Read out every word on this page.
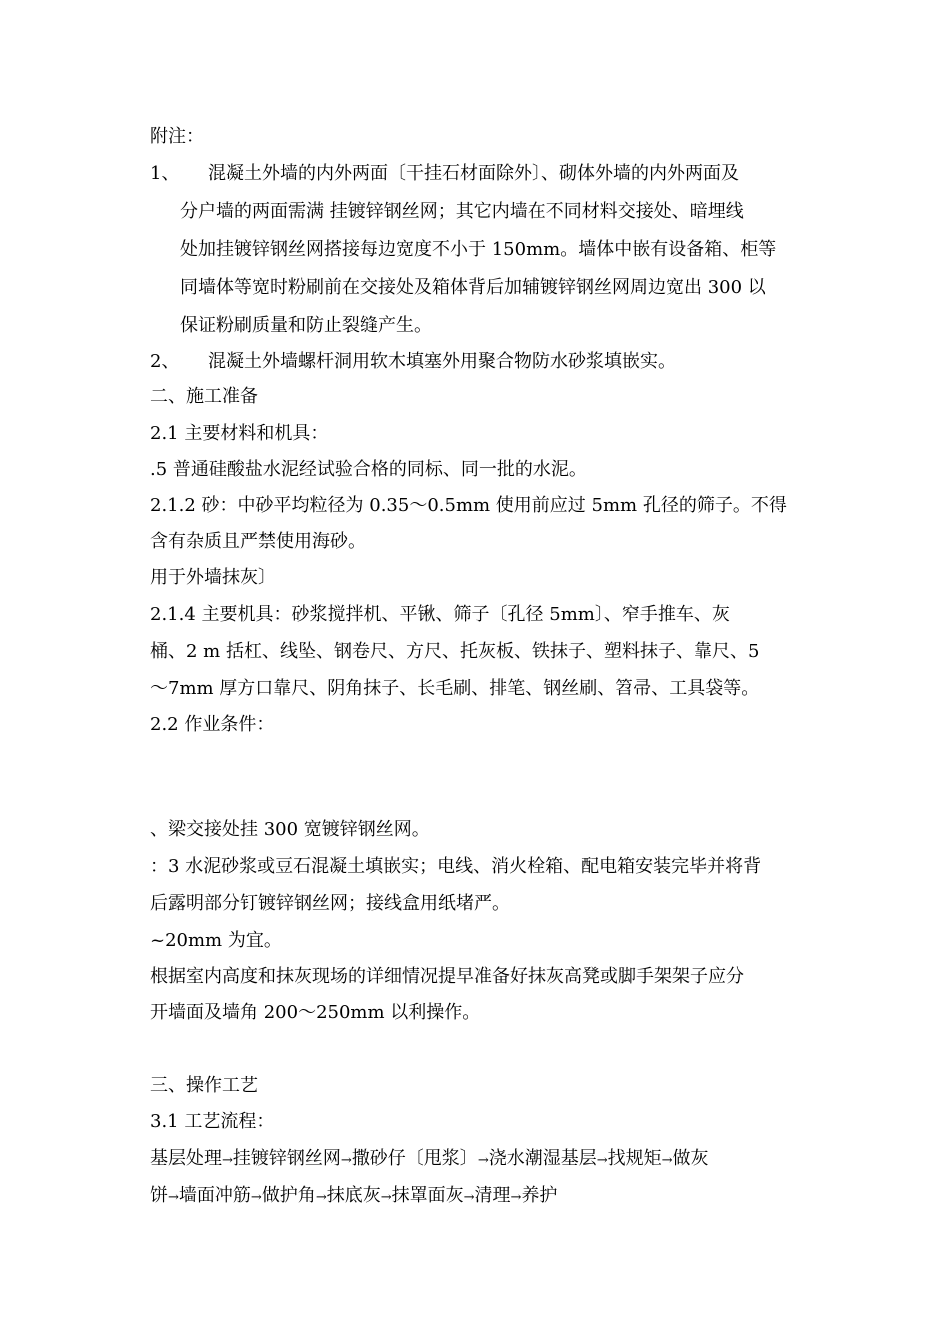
附注：
1、 混凝土外墙的内外两面〔干挂石材面除外〕、砌体外墙的内外两面及
分户墙的两面需满 挂镀锌钢丝网；其它内墙在不同材料交接处、暗埋线
处加挂镀锌钢丝网搭接每边宽度不小于 150mm。墙体中嵌有设备箱、柜等
同墙体等宽时粉刷前在交接处及箱体背后加辅镀锌钢丝网周边宽出 300 以
保证粉刷质量和防止裂缝产生。
2、 混凝土外墙螺杆洞用软木填塞外用聚合物防水砂浆填嵌实。
二、施工准备
2.1 主要材料和机具：
.5 普通硅酸盐水泥经试验合格的同标、同一批的水泥。
2.1.2 砂：中砂平均粒径为 0.35～0.5mm 使用前应过 5mm 孔径的筛子。不得
含有杂质且严禁使用海砂。
用于外墙抹灰〕
2.1.4 主要机具：砂浆搅拌机、平锹、筛子〔孔径 5mm〕、窄手推车、灰
桶、2 m 括杠、线坠、钢卷尺、方尺、托灰板、铁抹子、塑料抹子、靠尺、5
～7mm 厚方口靠尺、阴角抹子、长毛刷、排笔、钢丝刷、笤帚、工具袋等。
2.2 作业条件：
、梁交接处挂 300 宽镀锌钢丝网。
：3 水泥砂浆或豆石混凝土填嵌实；电线、消火栓箱、配电箱安装完毕并将背
后露明部分钉镀锌钢丝网；接线盒用纸堵严。
~20mm 为宜。
根据室内高度和抹灰现场的详细情况提早准备好抹灰高凳或脚手架架子应分
开墙面及墙角 200～250mm 以利操作。
三、操作工艺
3.1 工艺流程：
基层处理→挂镀锌钢丝网→撒砂仔〔甩浆〕→浇水潮湿基层→找规矩→做灰
饼→墙面冲筋→做护角→抹底灰→抹罩面灰→清理→养护
